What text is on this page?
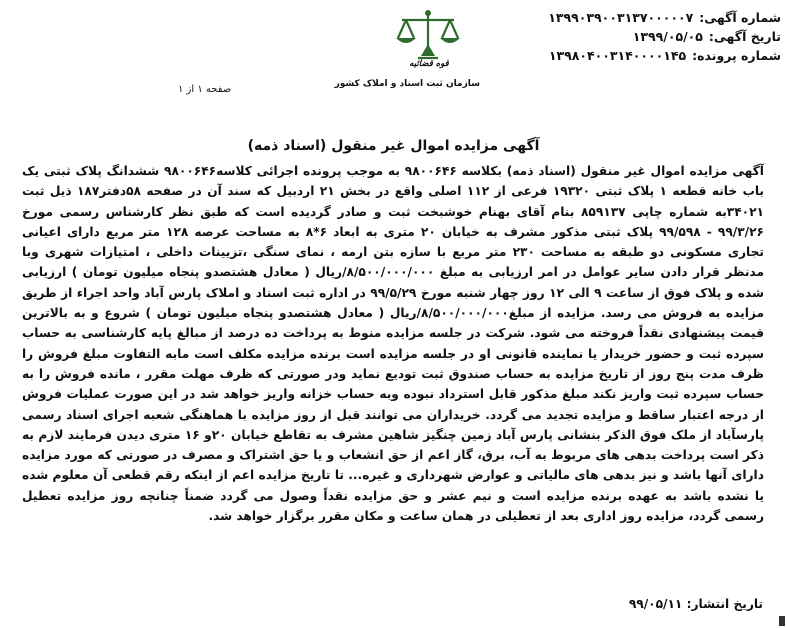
شماره آگهی:
۱۳۹۹۰۳۹۰۰۳۱۳۷۰۰۰۰۰۷
تاریخ آگهی:
۱۳۹۹/۰۵/۰۵
شماره پرونده:
۱۳۹۸۰۴۰۰۳۱۴۰۰۰۰۱۴۵
قوه قضائیه
سازمان ثبت اسناد و املاک کشور
صفحه ۱ از ۱
آگهی مزایده اموال غیر منقول (اسناد ذمه)

آگهی مزایده اموال غیر منقول (اسناد ذمه) بکلاسه ۹۸۰۰۶۴۶ به موجب پرونده اجرائی کلاسه۹۸۰۰۶۴۶ ششدانگ پلاک ثبتی یک باب خانه قطعه ۱ پلاک ثبتی ۱۹۳۲۰ فرعی از ۱۱۲ اصلی واقع در بخش ۲۱ اردبیل که سند آن در صفحه ۵۸دفتر۱۸۷ ذیل ثبت ۳۴۰۲۱به شماره چاپی ۸۵۹۱۳۷ بنام آقای بهنام خوشبخت ثبت و صادر گردیده است که طبق نظر کارشناس رسمی مورخ ۹۹/۳/۲۶ - ۹۹/۵۹۸ پلاک ثبتی مذکور مشرف به خیابان ۲۰ متری به ابعاد ۶*۸ به مساحت عرصه ۱۲۸ متر مربع دارای اعیانی تجاری مسکونی دو طبقه به مساحت ۲۳۰ متر مربع با سازه بتن ارمه ، نمای سنگی ،تزیینات داخلی ، امتیازات شهری وبا مدنظر قرار دادن سایر عوامل در امر ارزیابی به مبلغ ۸/۵۰۰/۰۰۰/۰۰۰/ریال ( معادل هشتصدو پنجاه میلیون تومان ) ارزیابی شده و پلاک فوق از ساعت ۹ الی ۱۲ روز چهار شنبه مورخ ۹۹/۵/۲۹ در اداره ثبت اسناد و املاک پارس آباد واحد اجراء از طریق مزایده به فروش می رسد. مزایده از مبلغ۸/۵۰۰/۰۰۰/۰۰۰/ریال ( معادل هشتصدو پنجاه میلیون تومان ) شروع و به بالاترین قیمت پیشنهادی نقداً فروخته می شود. شرکت در جلسه مزایده منوط به پرداخت ده درصد از مبالغ پایه کارشناسی به حساب سپرده ثبت و حضور خریدار یا نماینده قانونی او در جلسه مزایده است برنده مزایده مکلف است مابه التفاوت مبلغ فروش را ظرف مدت پنج روز از تاریخ مزایده به حساب صندوق ثبت تودیع نماید ودر صورتی که ظرف مهلت مقرر ، مانده فروش را به حساب سپرده ثبت واریز نکند مبلغ مذکور قابل استرداد نبوده وبه حساب خزانه واریز خواهد شد در این صورت عملیات فروش از درجه اعتبار ساقط و مزایده تجدید می گردد. خریداران می توانند قبل از روز مزایده با هماهنگی شعبه اجرای اسناد رسمی پارسآباد از ملک فوق الذکر بنشانی پارس آباد زمین چنگیز شاهین مشرف به تقاطع خیابان ۲۰و ۱۶ متری دیدن فرمایند لازم به ذکر است پرداخت بدهی های مربوط به آب، برق، گاز اعم از حق انشعاب و یا حق اشتراک و مصرف در صورتی که مورد مزایده دارای آنها باشد و نیز بدهی های مالیاتی و عوارض شهرداری و غیره... تا تاریخ مزایده اعم از اینکه رقم قطعی آن معلوم شده یا نشده باشد به عهده برنده مزایده است و نیم عشر و حق مزایده نقداً وصول می گردد ضمناً چنانچه روز مزایده تعطیل رسمی گردد، مزایده روز اداری بعد از تعطیلی در همان ساعت و مکان مقرر برگزار خواهد شد.

تاریخ انتشار: ۹۹/۰۵/۱۱
